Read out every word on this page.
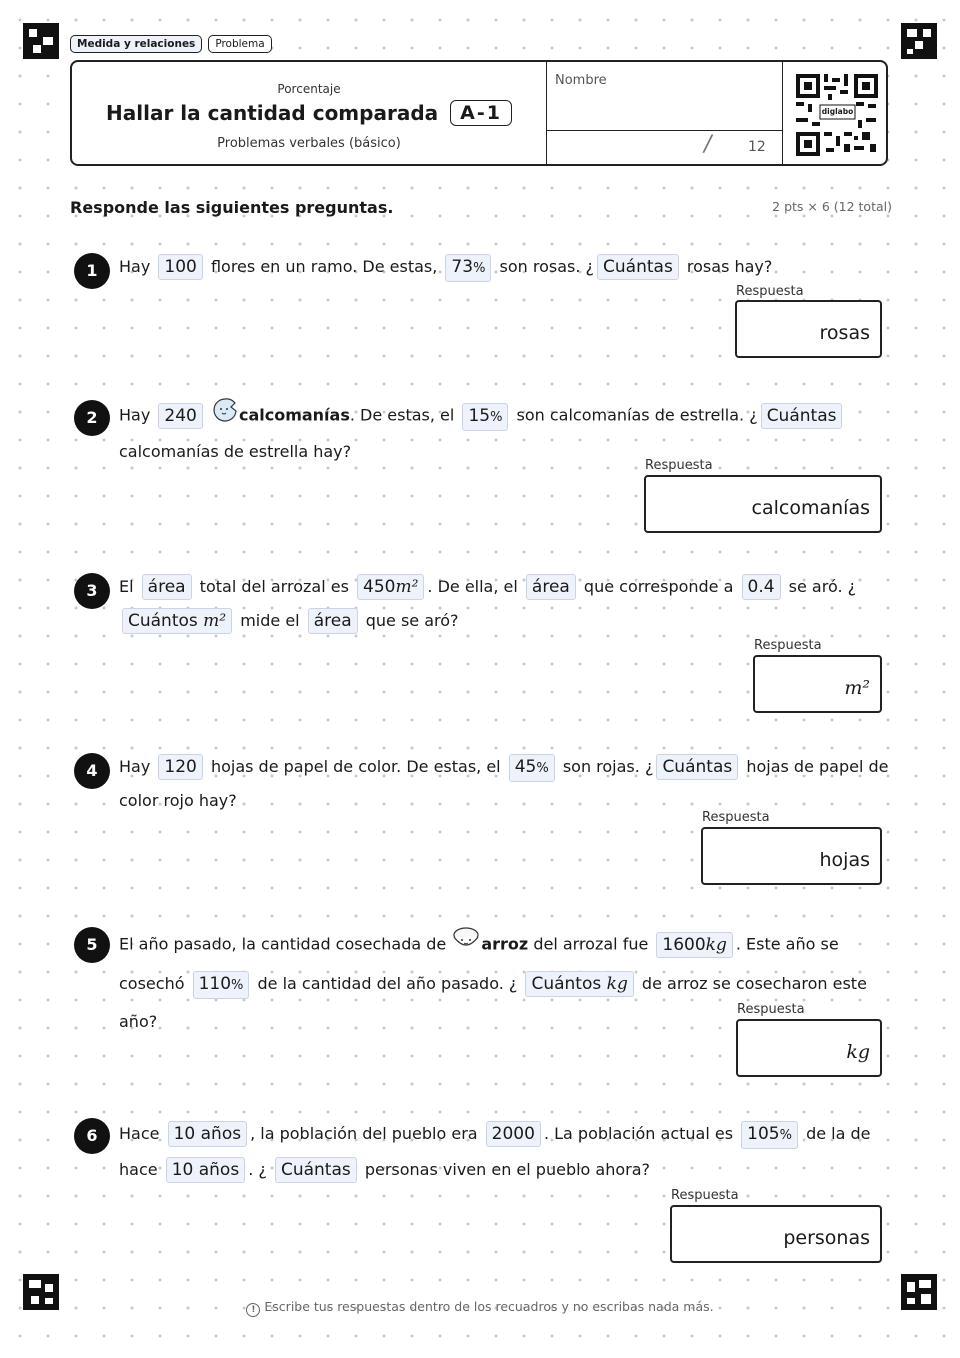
Medida y relaciones	Problema
Porcentaje
Hallar la cantidad comparada	A-1
Problemas verbales (básico)
Nombre
/	12
diglabo
Responde las siguientes preguntas.	2 pts × 6 (12 total)
1	Hay 100 flores en un ramo. De estas, 73% son rosas. ¿ Cuántas rosas hay?
Respuesta
rosas
2	Hay 240	calcomanías. De estas, el 15% son calcomanías de estrella. ¿ Cuántas calcomanías de estrella hay?
Respuesta
calcomanías
3	El área total del arrozal es 450m² . De ella, el área que corresponde a 0.4 se aró. ¿ Cuántos m² mide el área que se aró?
Respuesta
m²
4	Hay 120 hojas de papel de color. De estas, el 45% son rojas. ¿ Cuántas hojas de papel de color rojo hay?
Respuesta
hojas
5	El año pasado, la cantidad cosechada de arroz del arrozal fue 1600kg . Este año se cosechó 110% de la cantidad del año pasado. ¿ Cuántos kg de arroz se cosecharon este año?
Respuesta
kg
6	Hace 10 años , la población del pueblo era 2000 . La población actual es 105% de la de hace 10 años . ¿ Cuántas personas viven en el pueblo ahora?
Respuesta
personas
! Escribe tus respuestas dentro de los recuadros y no escribas nada más.
